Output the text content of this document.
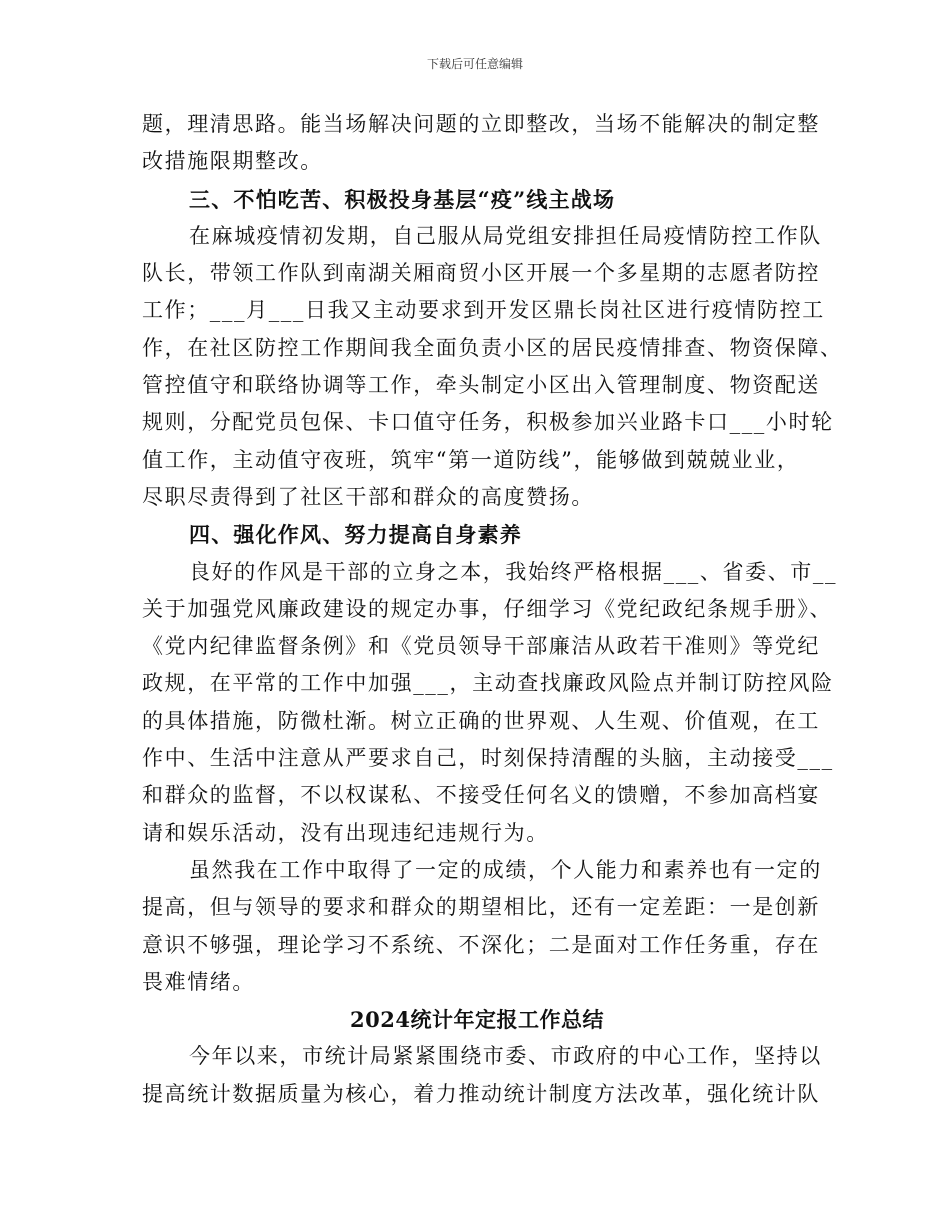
下载后可任意编辑
题，理清思路。能当场解决问题的立即整改，当场不能解决的制定整
改措施限期整改。
三、不怕吃苦、积极投身基层“疫”线主战场
在麻城疫情初发期，自己服从局党组安排担任局疫情防控工作队
队长，带领工作队到南湖关厢商贸小区开展一个多星期的志愿者防控
工作；___月___日我又主动要求到开发区鼎长岗社区进行疫情防控工
作，在社区防控工作期间我全面负责小区的居民疫情排查、物资保障、
管控值守和联络协调等工作，牵头制定小区出入管理制度、物资配送
规则，分配党员包保、卡口值守任务，积极参加兴业路卡口___小时轮
值工作，主动值守夜班，筑牢“第一道防线”，能够做到兢兢业业，
尽职尽责得到了社区干部和群众的高度赞扬。
四、强化作风、努力提高自身素养
良好的作风是干部的立身之本，我始终严格根据___、省委、市__
关于加强党风廉政建设的规定办事，仔细学习《党纪政纪条规手册》、
《党内纪律监督条例》和《党员领导干部廉洁从政若干准则》等党纪
政规，在平常的工作中加强___，主动查找廉政风险点并制订防控风险
的具体措施，防微杜渐。树立正确的世界观、人生观、价值观，在工
作中、生活中注意从严要求自己，时刻保持清醒的头脑，主动接受___
和群众的监督，不以权谋私、不接受任何名义的馈赠，不参加高档宴
请和娱乐活动，没有出现违纪违规行为。
虽然我在工作中取得了一定的成绩，个人能力和素养也有一定的
提高，但与领导的要求和群众的期望相比，还有一定差距：一是创新
意识不够强，理论学习不系统、不深化；二是面对工作任务重，存在
畏难情绪。
2024统计年定报工作总结
今年以来，市统计局紧紧围绕市委、市政府的中心工作，坚持以
提高统计数据质量为核心，着力推动统计制度方法改革，强化统计队
